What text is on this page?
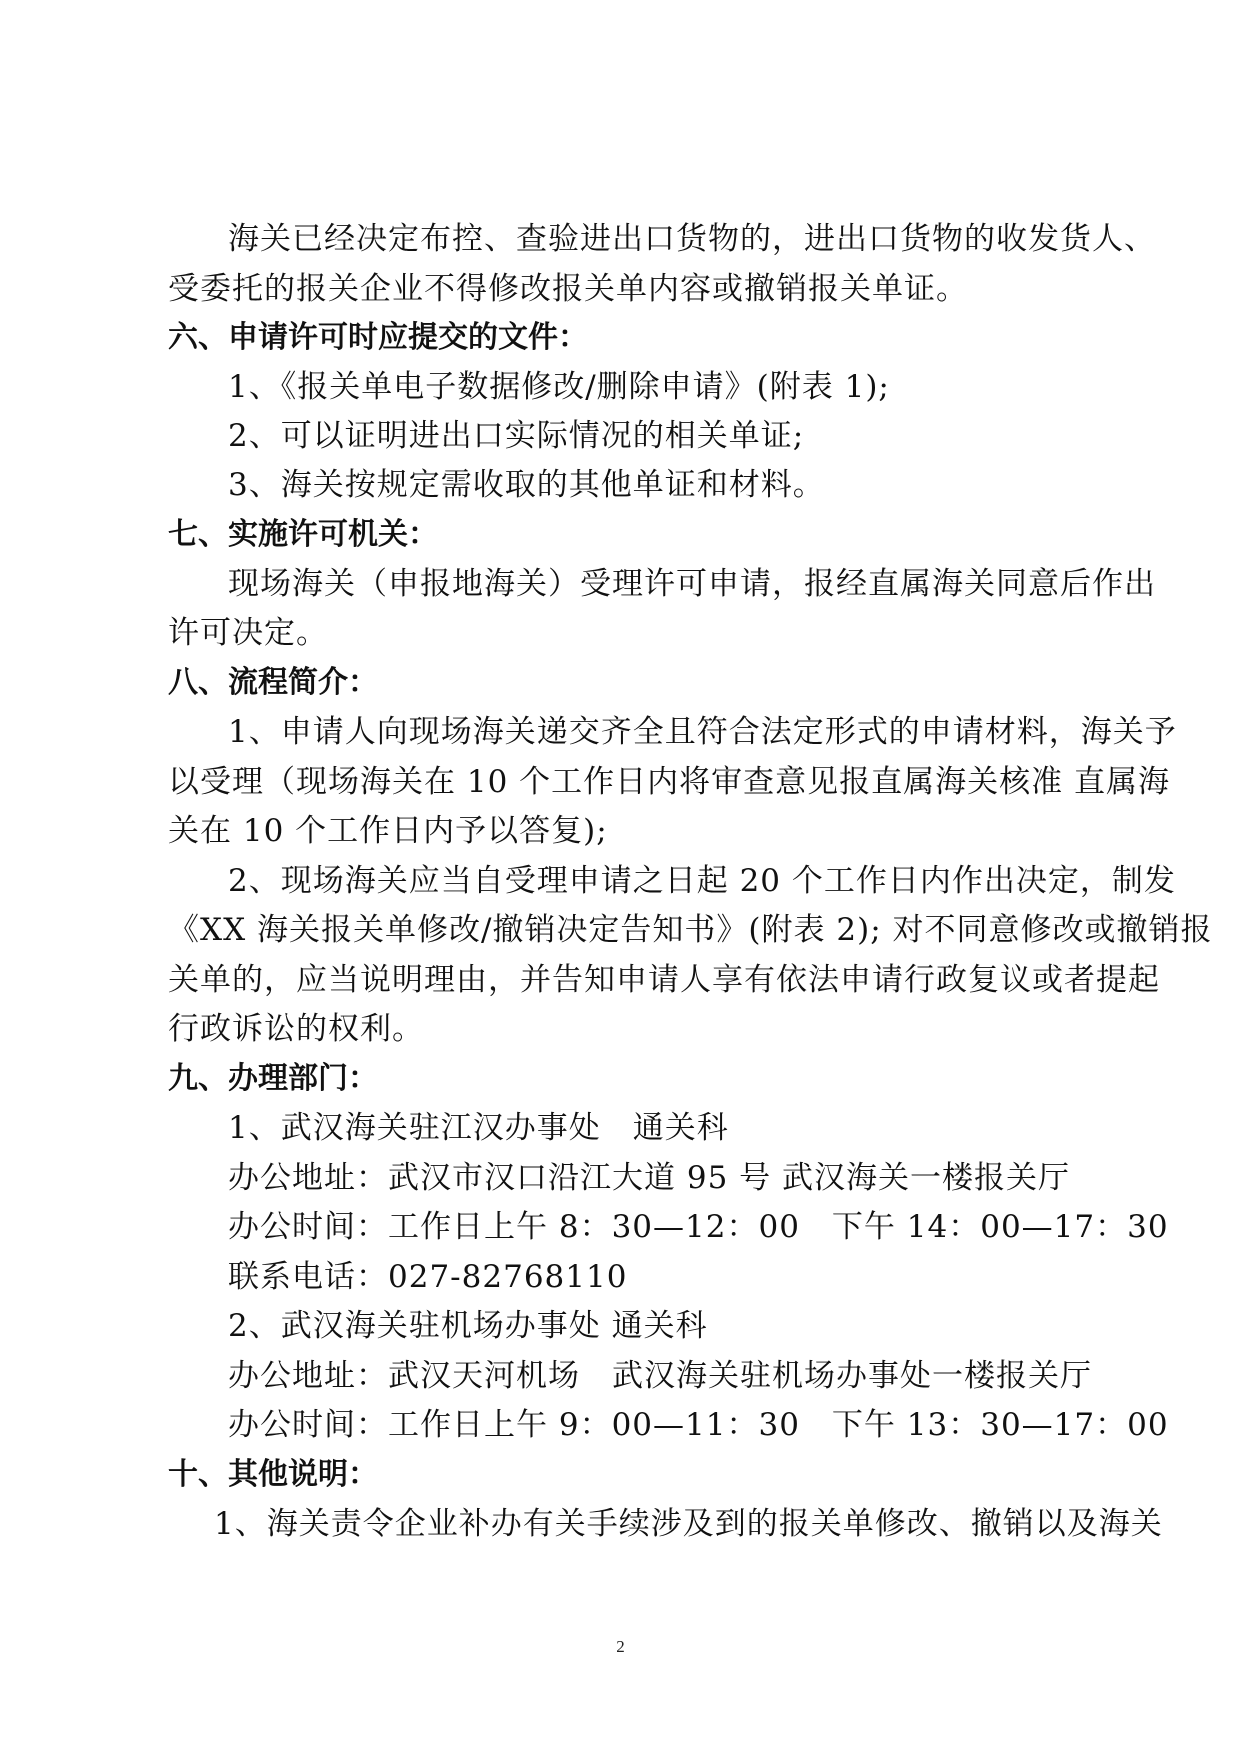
海关已经决定布控、查验进出口货物的，进出口货物的收发货人、
受委托的报关企业不得修改报关单内容或撤销报关单证。
六、申请许可时应提交的文件：
1、《报关单电子数据修改/删除申请》(附表 1);
2、可以证明进出口实际情况的相关单证;
3、海关按规定需收取的其他单证和材料。
七、实施许可机关：
现场海关（申报地海关）受理许可申请，报经直属海关同意后作出
许可决定。
八、流程简介：
1、申请人向现场海关递交齐全且符合法定形式的申请材料，海关予
以受理（现场海关在 10 个工作日内将审查意见报直属海关核准 直属海
关在 10 个工作日内予以答复);
2、现场海关应当自受理申请之日起 20 个工作日内作出决定，制发
《XX 海关报关单修改/撤销决定告知书》(附表 2); 对不同意修改或撤销报
关单的，应当说明理由，并告知申请人享有依法申请行政复议或者提起
行政诉讼的权利。
九、办理部门：
1、武汉海关驻江汉办事处　通关科
办公地址：武汉市汉口沿江大道 95 号 武汉海关一楼报关厅
办公时间：工作日上午 8：30—12：00　下午 14：00—17：30
联系电话：027-82768110
2、武汉海关驻机场办事处 通关科
办公地址：武汉天河机场　武汉海关驻机场办事处一楼报关厅
办公时间：工作日上午 9：00—11：30　下午 13：30—17：00
十、其他说明：
1、海关责令企业补办有关手续涉及到的报关单修改、撤销以及海关
2
